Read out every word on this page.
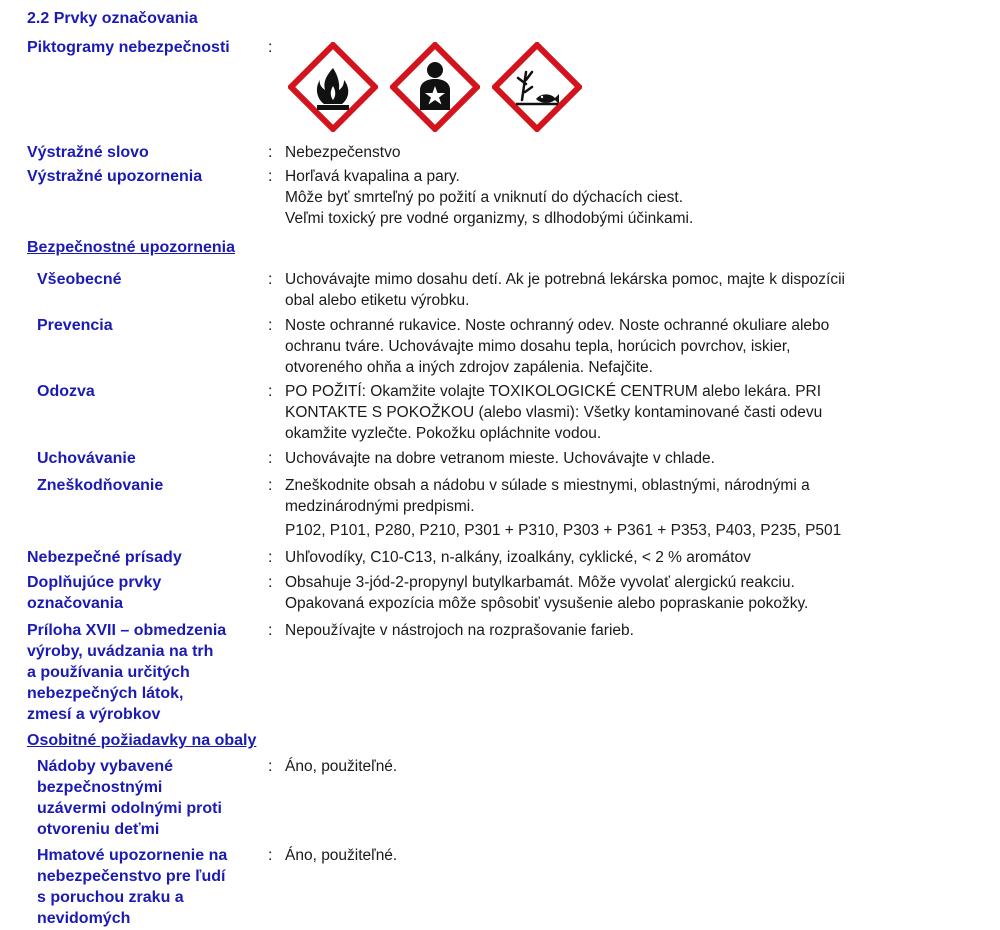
2.2 Prvky označovania
Piktogramy nebezpečnosti :
Výstražné slovo	: Nebezpečenstvo
Výstražné upozornenia	: Horľavá kvapalina a pary.
Môže byť smrteľný po požití a vniknutí do dýchacích ciest.
Veľmi toxický pre vodné organizmy, s dlhodobými účinkami.
Bezpečnostné upozornenia
Všeobecné	: Uchovávajte mimo dosahu detí. Ak je potrebná lekárska pomoc, majte k dispozícii
obal alebo etiketu výrobku.
Prevencia	: Noste ochranné rukavice. Noste ochranný odev. Noste ochranné okuliare alebo
ochranu tváre. Uchovávajte mimo dosahu tepla, horúcich povrchov, iskier,
otvoreného ohňa a iných zdrojov zapálenia. Nefajčite.
Odozva	: PO POŽITÍ: Okamžite volajte TOXIKOLOGICKÉ CENTRUM alebo lekára. PRI
KONTAKTE S POKOŽKOU (alebo vlasmi): Všetky kontaminované časti odevu
okamžite vyzlečte. Pokožku opláchnite vodou.
Uchovávanie	: Uchovávajte na dobre vetranom mieste. Uchovávajte v chlade.
Zneškodňovanie	: Zneškodnite obsah a nádobu v súlade s miestnymi, oblastnými, národnými a
medzinárodnými predpismi.
P102, P101, P280, P210, P301 + P310, P303 + P361 + P353, P403, P235, P501
Nebezpečné prísady	: Uhľovodíky, C10-C13, n-alkány, izoalkány, cyklické, < 2 % aromátov
Doplňujúce prvky
označovania
: Obsahuje 3-jód-2-propynyl butylkarbamát. Môže vyvolať alergickú reakciu.
Opakovaná expozícia môže spôsobiť vysušenie alebo popraskanie pokožky.
Príloha XVII – obmedzenia
výroby, uvádzania na trh
a používania určitých
nebezpečných látok,
zmesí a výrobkov
: Nepoužívajte v nástrojoch na rozprašovanie farieb.
Osobitné požiadavky na obaly
Nádoby vybavené
bezpečnostnými
uzávermi odolnými proti
otvoreniu deťmi
: Áno, použiteľné.
Hmatové upozornenie na
nebezpečenstvo pre ľudí
s poruchou zraku a
nevidomých
: Áno, použiteľné.
